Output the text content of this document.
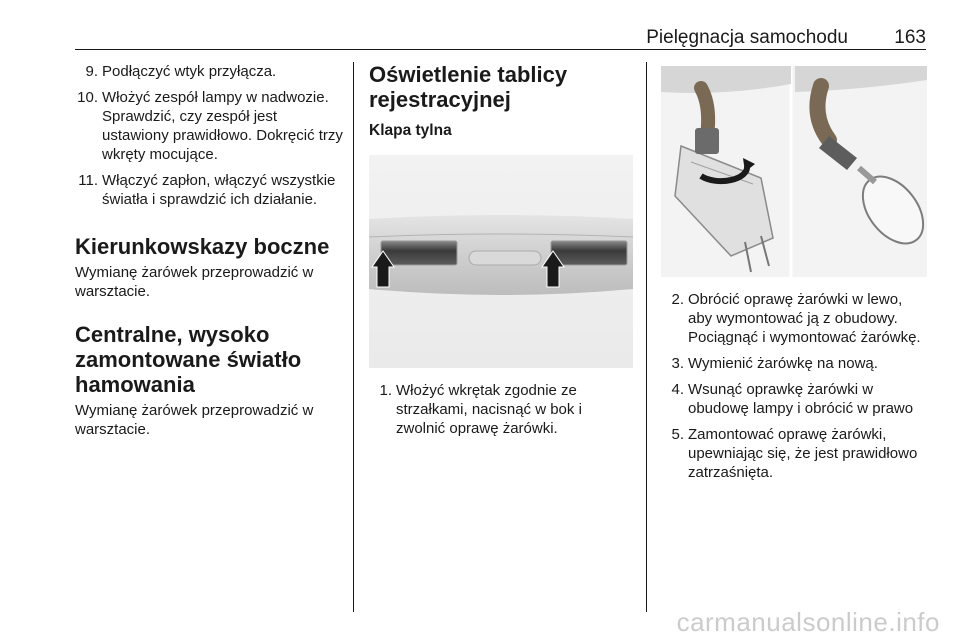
Pielęgnacja samochodu 163
9. Podłączyć wtyk przyłącza.
10. Włożyć zespół lampy w nadwozie. Sprawdzić, czy zespół jest ustawiony prawidłowo. Dokręcić trzy wkręty mocujące.
11. Włączyć zapłon, włączyć wszystkie światła i sprawdzić ich działanie.
Kierunkowskazy boczne

Wymianę żarówek przeprowadzić w warsztacie.

Centralne, wysoko zamontowane światło hamowania

Wymianę żarówek przeprowadzić w warsztacie.

Oświetlenie tablicy rejestracyjnej
Klapa tylna
1. Włożyć wkrętak zgodnie ze strzałkami, nacisnąć w bok i zwolnić oprawę żarówki.
2. Obrócić oprawę żarówki w lewo, aby wymontować ją z obudowy. Pociągnąć i wymontować żarówkę.
3. Wymienić żarówkę na nową.
4. Wsunąć oprawkę żarówki w obudowę lampy i obrócić w prawo
5. Zamontować oprawę żarówki, upewniając się, że jest prawidłowo zatrzaśnięta.
carmanualsonline.info
